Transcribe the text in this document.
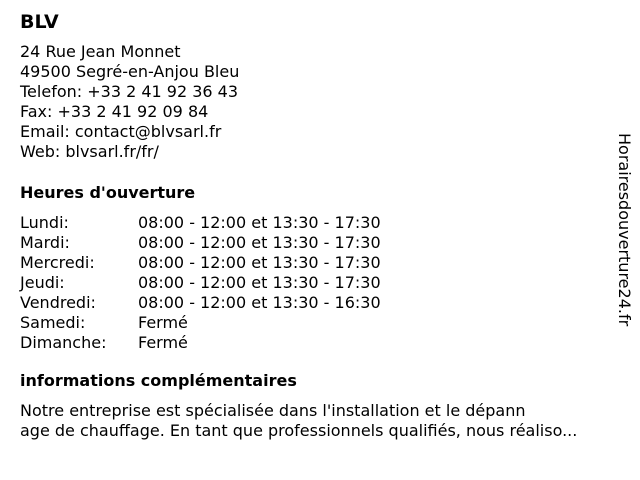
BLV
24 Rue Jean Monnet
49500 Segré-en-Anjou Bleu
Telefon: +33 2 41 92 36 43
Fax: +33 2 41 92 09 84
Email: contact@blvsarl.fr
Web: blvsarl.fr/fr/
Heures d'ouverture
Lundi:	08:00 - 12:00 et 13:30 - 17:30
Mardi:	08:00 - 12:00 et 13:30 - 17:30
Mercredi:	08:00 - 12:00 et 13:30 - 17:30
Jeudi:	08:00 - 12:00 et 13:30 - 17:30
Vendredi:	08:00 - 12:00 et 13:30 - 16:30
Samedi:	Fermé
Dimanche:	Fermé
informations complémentaires
Notre entreprise est spécialisée dans l'installation et le dépann
age de chauffage. En tant que professionnels qualifiés, nous réaliso...
Horairesdouverture24.fr
